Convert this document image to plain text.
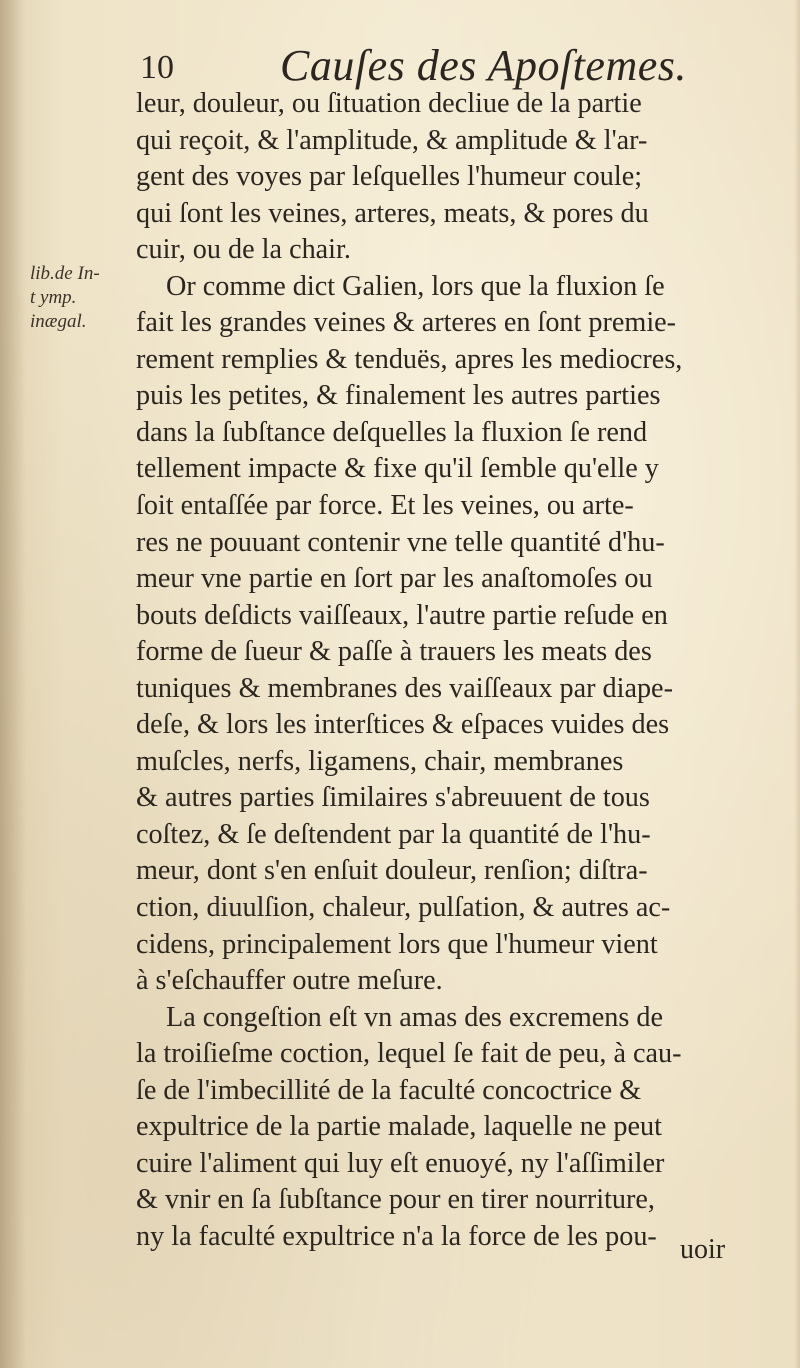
10 Cauſes des Apoſtemes.
lib.de In-
t ymp.
inægal.
leur, douleur, ou ſituation decliue de la partie
qui reçoit, & l'amplitude, & amplitude & l'ar-
gent des voyes par leſquelles l'humeur coule;
qui ſont les veines, arteres, meats, & pores du
cuir, ou de la chair.
Or comme dict Galien, lors que la fluxion ſe
fait les grandes veines & arteres en ſont premie-
rement remplies & tenduës, apres les mediocres,
puis les petites, & finalement les autres parties
dans la ſubſtance deſquelles la fluxion ſe rend
tellement impacte & fixe qu'il ſemble qu'elle y
ſoit entaſſée par force. Et les veines, ou arte-
res ne pouuant contenir vne telle quantité d'hu-
meur vne partie en ſort par les anaſtomoſes ou
bouts deſdicts vaiſſeaux, l'autre partie reſude en
forme de ſueur & paſſe à trauers les meats des
tuniques & membranes des vaiſſeaux par diape-
deſe, & lors les interſtices & eſpaces vuides des
muſcles, nerfs, ligamens, chair, membranes
& autres parties ſimilaires s'abreuuent de tous
coſtez, & ſe deſtendent par la quantité de l'hu-
meur, dont s'en enſuit douleur, renſion; diſtra-
ction, diuulſion, chaleur, pulſation, & autres ac-
cidens, principalement lors que l'humeur vient
à s'eſchauffer outre meſure.
La congeſtion eſt vn amas des excremens de
la troiſieſme coction, lequel ſe fait de peu, à cau-
ſe de l'imbecillité de la faculté concoctrice &
expultrice de la partie malade, laquelle ne peut
cuire l'aliment qui luy eſt enuoyé, ny l'aſſimiler
& vnir en ſa ſubſtance pour en tirer nourriture,
ny la faculté expultrice n'a la force de les pou- uoir
